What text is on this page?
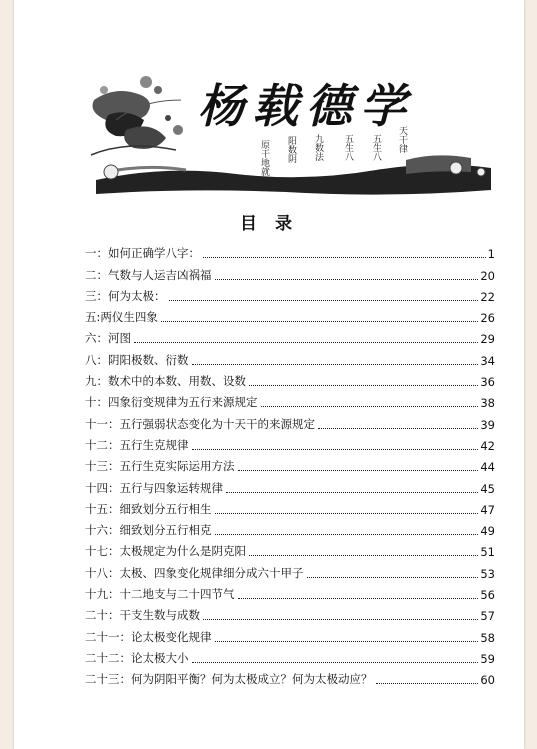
杨载德学
原干地就 阳数阴 九数法 五生八 五生八 天干律
目 录
一：如何正确学八字：	1
二：气数与人运吉凶祸福	20
三：何为太极：	22
五:两仪生四象	26
六：河图	29
八：阴阳极数、衍数	34
九：数术中的本数、用数、设数	36
十：四象衍变规律为五行来源规定	38
十一：五行强弱状态变化为十天干的来源规定	39
十二：五行生克规律	42
十三：五行生克实际运用方法	44
十四：五行与四象运转规律	45
十五：细致划分五行相生	47
十六：细致划分五行相克	49
十七：太极规定为什么是阴克阳	51
十八：太极、四象变化规律细分成六十甲子	53
十九：十二地支与二十四节气	56
二十：干支生数与成数	57
二十一：论太极变化规律	58
二十二：论太极大小	59
二十三：何为阴阳平衡？何为太极成立？何为太极动应？	60
